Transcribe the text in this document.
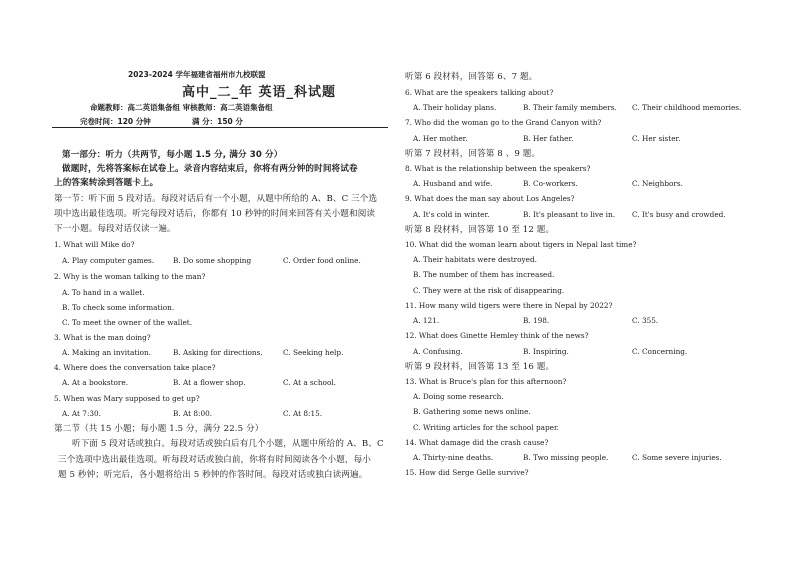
2023-2024 学年福建省福州市九校联盟
高中_二_年 英语_科试题
命题教师：高二英语集备组 审核教师：高二英语集备组
完卷时间：120 分钟	满 分：150 分
第一部分：听力（共两节，每小题 1.5 分, 满分 30 分）
做题时，先将答案标在试卷上。录音内容结束后，你将有两分钟的时间将试卷
上的答案转涂到答题卡上。
第一节：听下面 5 段对话。每段对话后有一个小题，从题中所给的 A、B、C 三个选
项中选出最佳选项。听完每段对话后，你都有 10 秒钟的时间来回答有关小题和阅读
下一小题。每段对话仅读一遍。
1. What will Mike do?
A. Play computer games.	B. Do some shopping	C. Order food online.
2. Why is the woman talking to the man?
A. To hand in a wallet.
B. To check some information.
C. To meet the owner of the wallet.
3. What is the man doing?
A. Making an invitation.	B. Asking for directions.	C. Seeking help.
4. Where does the conversation take place?
A. At a bookstore.	B. At a flower shop.	C. At a school.
5. When was Mary supposed to get up?
A. At 7:30.	B. At 8:00.	C. At 8:15.
第二节（共 15 小题；每小题 1.5 分，满分 22.5 分）
听下面 5 段对话或独白。每段对话或独白后有几个小题，从题中所给的 A、B、C
三个选项中选出最佳选项。听每段对话或独白前，你将有时间阅读各个小题，每小
题 5 秒钟；听完后，各小题将给出 5 秒钟的作答时间。每段对话或独白读两遍。
听第 6 段材料，回答第 6、7 题。
6. What are the speakers talking about?
A. Their holiday plans.	B. Their family members. C. Their childhood memories.
7. Who did the woman go to the Grand Canyon with?
A. Her mother.	B. Her father.	C. Her sister.
听第 7 段材料，回答第 8 、9 题。
8. What is the relationship between the speakers?
A. Husband and wife.	B. Co-workers.	C. Neighbors.
9. What does the man say about Los Angeles?
A. It's cold in winter.	B. It's pleasant to live in. C. It's busy and crowded.
听第 8 段材料，回答第 10 至 12 题。
10. What did the woman learn about tigers in Nepal last time?
A. Their habitats were destroyed.
B. The number of them has increased.
C. They were at the risk of disappearing.
11. How many wild tigers were there in Nepal by 2022?
A. 121.	B. 198.	C. 355.
12. What does Ginette Hemley think of the news?
A. Confusing.	B. Inspiring.	C. Concerning.
听第 9 段材料，回答第 13 至 16 题。
13. What is Bruce's plan for this afternoon?
A. Doing some research.
B. Gathering some news online.
C. Writing articles for the school paper.
14. What damage did the crash cause?
A. Thirty-nine deaths.	B. Two missing people.	C. Some severe injuries.
15. How did Serge Gelle survive?
